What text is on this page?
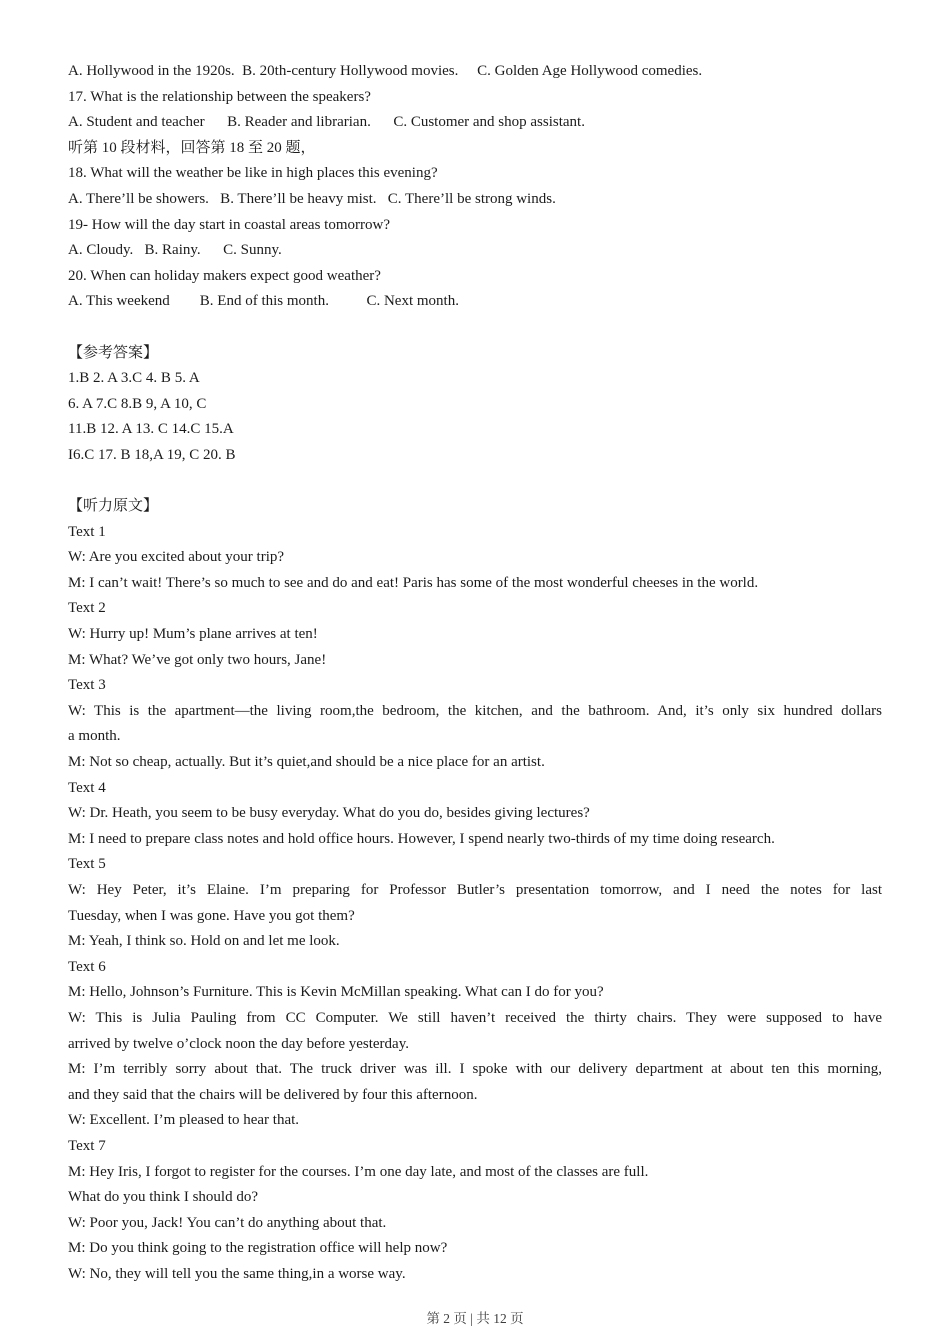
A. Hollywood in the 1920s.  B. 20th-century Hollywood movies.     C. Golden Age Hollywood comedies.

17. What is the relationship between the speakers?

A. Student and teacher      B. Reader and librarian.      C. Customer and shop assistant.

听第 10 段材料，回答第 18 至 20 题，

18. What will the weather be like in high places this evening?

A. There’ll be showers.   B. There’ll be heavy mist.   C. There’ll be strong winds.

19- How will the day start in coastal areas tomorrow?

A. Cloudy.   B. Rainy.      C. Sunny.

20. When can holiday makers expect good weather?

A. This weekend        B. End of this month.          C. Next month.

【参考答案】

1.B 2. A 3.C 4. B 5. A

6. A 7.C 8.B 9, A 10, C

11.B 12. A 13. C 14.C 15.A

I6.C 17. B 18,A 19, C 20. B

【听力原文】

Text 1

W: Are you excited about your trip?

M: I can’t wait! There’s so much to see and do and eat! Paris has some of the most wonderful cheeses in the world.

Text 2

W: Hurry up! Mum’s plane arrives at ten!

M: What? We’ve got only two hours, Jane!

Text 3

W: This is the apartment—the living room,the bedroom, the kitchen, and the bathroom. And, it’s only six hundred dollars

a month.

M: Not so cheap, actually. But it’s quiet,and should be a nice place for an artist.

Text 4

W: Dr. Heath, you seem to be busy everyday. What do you do, besides giving lectures?

M: I need to prepare class notes and hold office hours. However, I spend nearly two-thirds of my time doing research.

Text 5

W: Hey Peter, it’s Elaine. I’m preparing for Professor Butler’s presentation tomorrow, and I need the notes for last

Tuesday, when I was gone. Have you got them?

M: Yeah, I think so. Hold on and let me look.

Text 6

M: Hello, Johnson’s Furniture. This is Kevin McMillan speaking. What can I do for you?

W: This is Julia Pauling from CC Computer. We still haven’t received the thirty chairs. They were supposed to have

arrived by twelve o’clock noon the day before yesterday.

M: I’m terribly sorry about that. The truck driver was ill. I spoke with our delivery department at about ten this morning,

and they said that the chairs will be delivered by four this afternoon.

W: Excellent. I’m pleased to hear that.

Text 7

M: Hey Iris, I forgot to register for the courses. I’m one day late, and most of the classes are full.

What do you think I should do?

W: Poor you, Jack! You can’t do anything about that.

M: Do you think going to the registration office will help now?

W: No, they will tell you the same thing,in a worse way.

第 2 页 | 共 12 页
